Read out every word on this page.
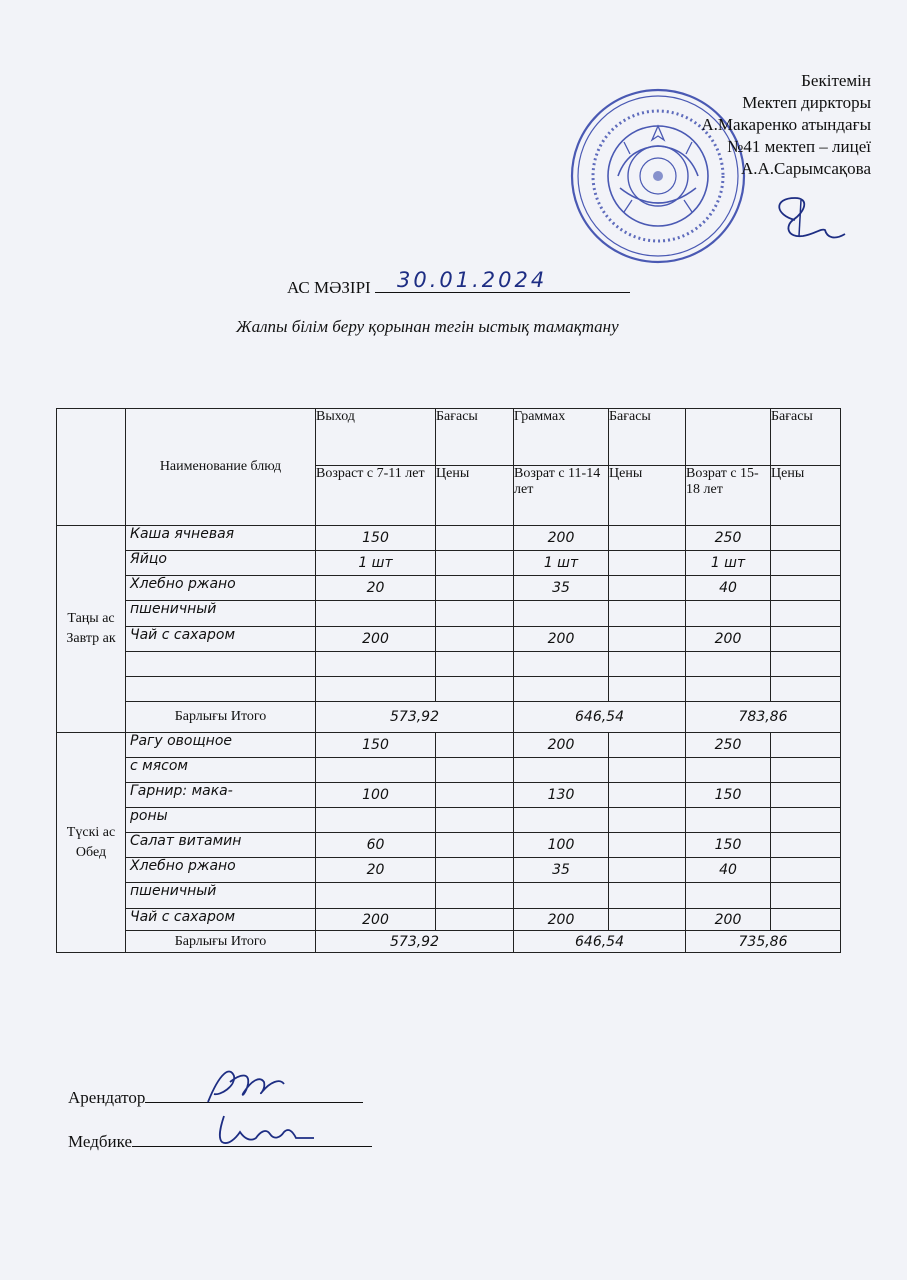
Бекітемін
Мектеп диркторы
А.Макаренко атындағы
№41 мектеп – лицеї
А.А.Сарымсақова
АС МӘЗІРІ 30.01.2024
Жалпы білім беру қорынан тегін ыстық тамақтану
	Наименование блюд	Выход	Бағасы	Граммах	Бағасы		Бағасы
		Возраст с 7-11 лет	Цены	Возрат с 11-14 лет	Цены	Возрат с 15-18 лет	Цены
Таңы ас Завтр ак	Каша ячневая	150		200		250	
	Яйцо	1 шт		1 шт		1 шт	
	Хлебно ржано	20		35		40	
	пшеничный						
	Чай с сахаром	200		200		200	

	Барлығы Итого	573,92		646,54		783,86	
Түскі ас Обед	Рагу овощное	150		200		250	
	с мясом						
	Гарнир: мака-	100		130		150	
	роны						
	Салат витамин	60		100		150	
	Хлебно ржано	20		35		40	
	пшеничный						
	Чай с сахаром	200		200		200	
	Барлығы Итого	573,92		646,54		735,86	
Арендатор
Медбике
